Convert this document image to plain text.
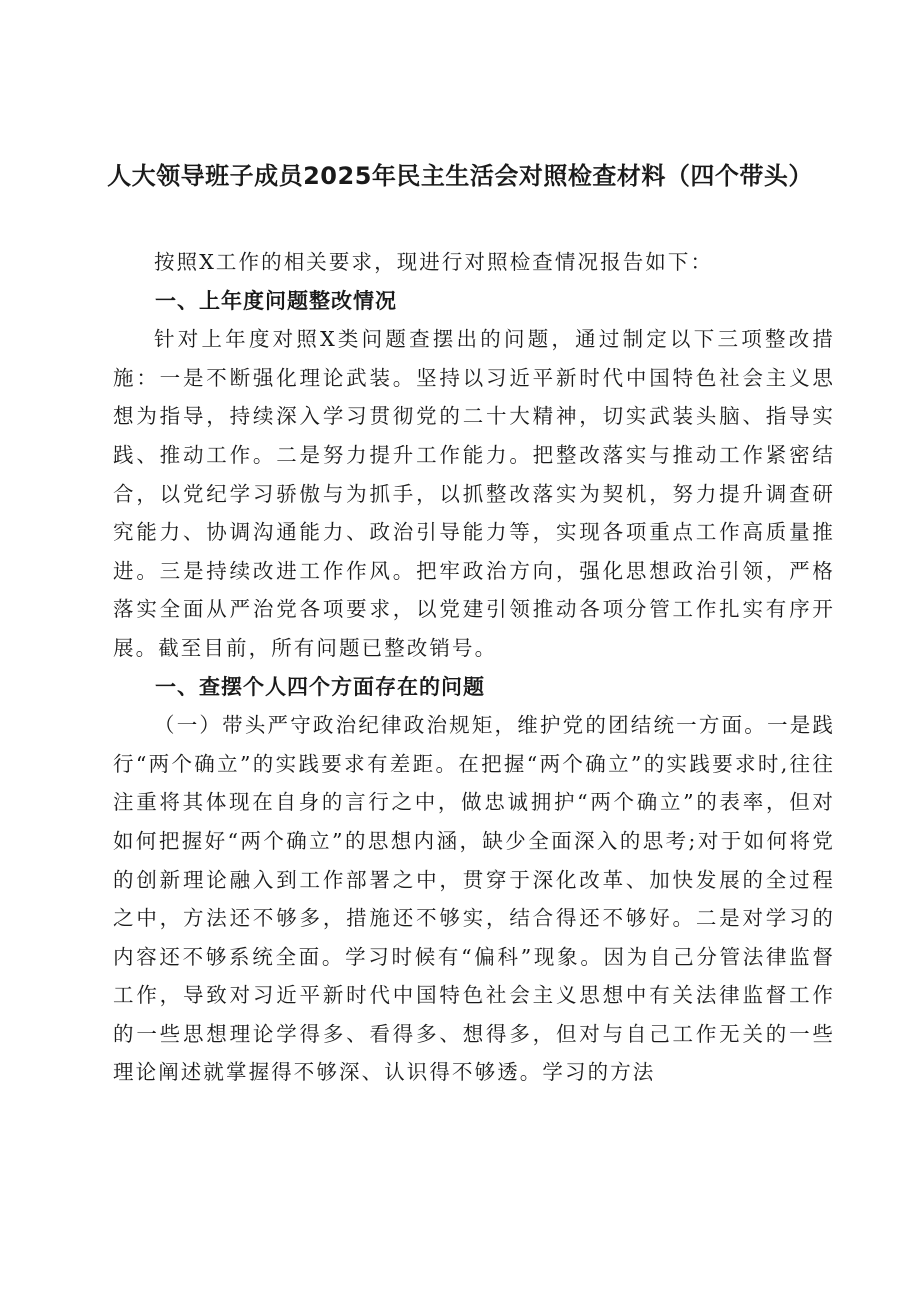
人大领导班子成员2025年民主生活会对照检查材料（四个带头）

按照X工作的相关要求，现进行对照检查情况报告如下：

一、上年度问题整改情况

针对上年度对照X类问题查摆出的问题，通过制定以下三项整改措施：一是不断强化理论武装。坚持以习近平新时代中国特色社会主义思想为指导，持续深入学习贯彻党的二十大精神，切实武装头脑、指导实践、推动工作。二是努力提升工作能力。把整改落实与推动工作紧密结合，以党纪学习骄傲与为抓手，以抓整改落实为契机，努力提升调查研究能力、协调沟通能力、政治引导能力等，实现各项重点工作高质量推进。三是持续改进工作作风。把牢政治方向，强化思想政治引领，严格落实全面从严治党各项要求，以党建引领推动各项分管工作扎实有序开展。截至目前，所有问题已整改销号。

一、查摆个人四个方面存在的问题

（一）带头严守政治纪律政治规矩，维护党的团结统一方面。一是践行“两个确立”的实践要求有差距。在把握“两个确立”的实践要求时,往往注重将其体现在自身的言行之中，做忠诚拥护“两个确立”的表率，但对如何把握好“两个确立”的思想内涵，缺少全面深入的思考;对于如何将党的创新理论融入到工作部署之中，贯穿于深化改革、加快发展的全过程之中，方法还不够多，措施还不够实，结合得还不够好。二是对学习的内容还不够系统全面。学习时候有“偏科”现象。因为自己分管法律监督工作，导致对习近平新时代中国特色社会主义思想中有关法律监督工作的一些思想理论学得多、看得多、想得多，但对与自己工作无关的一些理论阐述就掌握得不够深、认识得不够透。学习的方法
